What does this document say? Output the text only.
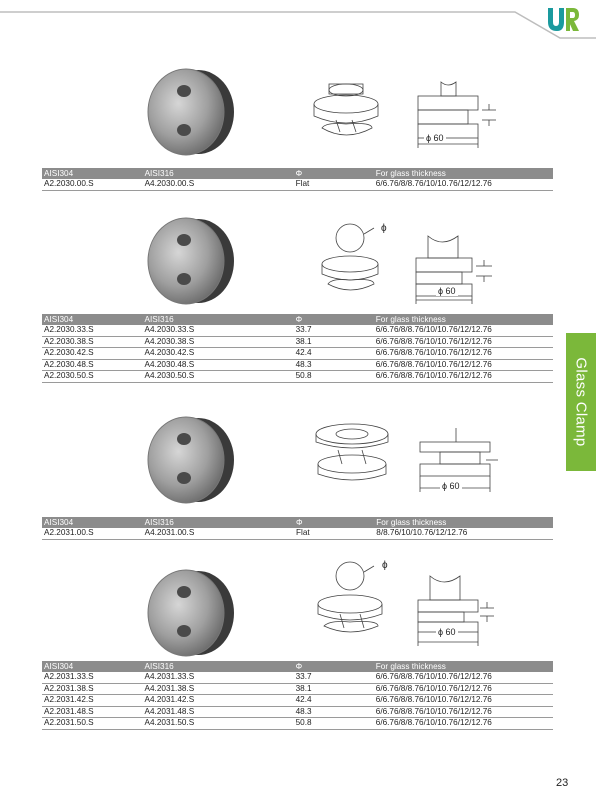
Glass Clamp
23
ϕ 60
AISI304	AISI316	Φ	For glass thickness
A2.2030.00.S	A4.2030.00.S	Flat	6/6.76/8/8.76/10/10.76/12/12.76
ϕ
ϕ 60
AISI304	AISI316	Φ	For glass thickness
A2.2030.33.S	A4.2030.33.S	33.7	6/6.76/8/8.76/10/10.76/12/12.76
A2.2030.38.S	A4.2030.38.S	38.1	6/6.76/8/8.76/10/10.76/12/12.76
A2.2030.42.S	A4.2030.42.S	42.4	6/6.76/8/8.76/10/10.76/12/12.76
A2.2030.48.S	A4.2030.48.S	48.3	6/6.76/8/8.76/10/10.76/12/12.76
A2.2030.50.S	A4.2030.50.S	50.8	6/6.76/8/8.76/10/10.76/12/12.76
ϕ 60
AISI304	AISI316	Φ	For glass thickness
A2.2031.00.S	A4.2031.00.S	Flat	8/8.76/10/10.76/12/12.76
ϕ
ϕ 60
AISI304	AISI316	Φ	For glass thickness
A2.2031.33.S	A4.2031.33.S	33.7	6/6.76/8/8.76/10/10.76/12/12.76
A2.2031.38.S	A4.2031.38.S	38.1	6/6.76/8/8.76/10/10.76/12/12.76
A2.2031.42.S	A4.2031.42.S	42.4	6/6.76/8/8.76/10/10.76/12/12.76
A2.2031.48.S	A4.2031.48.S	48.3	6/6.76/8/8.76/10/10.76/12/12.76
A2.2031.50.S	A4.2031.50.S	50.8	6/6.76/8/8.76/10/10.76/12/12.76
